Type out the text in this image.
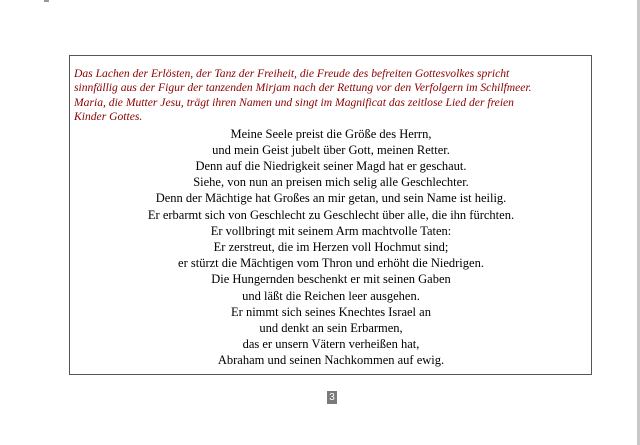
Das Lachen der Erlösten, der Tanz der Freiheit, die Freude des befreiten Gottesvolkes spricht
sinnfällig aus der Figur der tanzenden Mirjam nach der Rettung vor den Verfolgern im Schilfmeer.
Maria, die Mutter Jesu, trägt ihren Namen und singt im Magnificat das zeitlose Lied der freien
Kinder Gottes.

Meine Seele preist die Größe des Herrn,
und mein Geist jubelt über Gott, meinen Retter.
Denn auf die Niedrigkeit seiner Magd hat er geschaut.
Siehe, von nun an preisen mich selig alle Geschlechter.
Denn der Mächtige hat Großes an mir getan, und sein Name ist heilig.
Er erbarmt sich von Geschlecht zu Geschlecht über alle, die ihn fürchten.
Er vollbringt mit seinem Arm machtvolle Taten:
Er zerstreut, die im Herzen voll Hochmut sind;
er stürzt die Mächtigen vom Thron und erhöht die Niedrigen.
Die Hungernden beschenkt er mit seinen Gaben
und läßt die Reichen leer ausgehen.
Er nimmt sich seines Knechtes Israel an
und denkt an sein Erbarmen,
das er unsern Vätern verheißen hat,
Abraham und seinen Nachkommen auf ewig.
3
